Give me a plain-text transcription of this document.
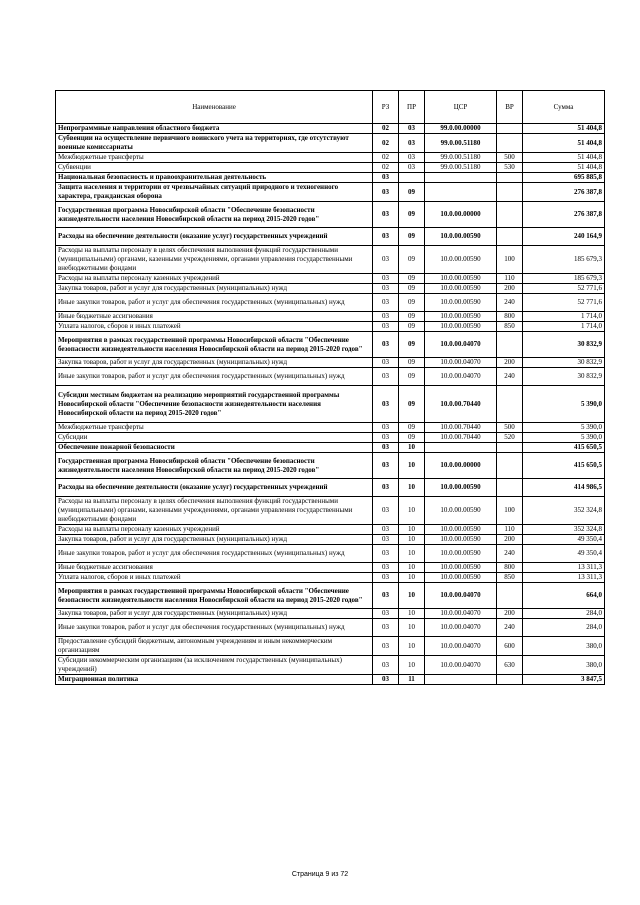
Наименование	РЗ	ПР	ЦСР	ВР	Сумма
Непрограммные направления областного бюджета	02	03	99.0.00.00000		51 404,8
Субвенции на осуществление первичного воинского учета на территориях, где отсутствуют военные комиссариаты	02	03	99.0.00.51180		51 404,8
Межбюджетные трансферты	02	03	99.0.00.51180	500	51 404,8
Субвенции	02	03	99.0.00.51180	530	51 404,8
Национальная безопасность и правоохранительная деятельность	03				695 885,8
Защита населения и территории от чрезвычайных ситуаций природного и техногенного характера, гражданская оборона	03	09			276 387,8
Государственная программа Новосибирской области "Обеспечение безопасности жизнедеятельности населения Новосибирской области на период 2015-2020 годов"	03	09	10.0.00.00000		276 387,8
Расходы на обеспечение деятельности (оказание услуг) государственных учреждений	03	09	10.0.00.00590		240 164,9
Расходы на выплаты персоналу в целях обеспечения выполнения функций государственными (муниципальными) органами, казенными учреждениями, органами управления государственными внебюджетными фондами	03	09	10.0.00.00590	100	185 679,3
Расходы на выплаты персоналу казенных учреждений	03	09	10.0.00.00590	110	185 679,3
Закупка товаров, работ и услуг для государственных (муниципальных) нужд	03	09	10.0.00.00590	200	52 771,6
Иные закупки товаров, работ и услуг для обеспечения государственных (муниципальных) нужд	03	09	10.0.00.00590	240	52 771,6
Иные бюджетные ассигнования	03	09	10.0.00.00590	800	1 714,0
Уплата налогов, сборов и иных платежей	03	09	10.0.00.00590	850	1 714,0
Мероприятия в рамках государственной программы Новосибирской области "Обеспечение безопасности жизнедеятельности населения Новосибирской области на период 2015-2020 годов"	03	09	10.0.00.04070		30 832,9
Закупка товаров, работ и услуг для государственных (муниципальных) нужд	03	09	10.0.00.04070	200	30 832,9
Иные закупки товаров, работ и услуг для обеспечения государственных (муниципальных) нужд	03	09	10.0.00.04070	240	30 832,9
Субсидии местным бюджетам на реализацию мероприятий государственной программы Новосибирской области "Обеспечение безопасности жизнедеятельности населения Новосибирской области на период 2015-2020 годов"	03	09	10.0.00.70440		5 390,0
Межбюджетные трансферты	03	09	10.0.00.70440	500	5 390,0
Субсидии	03	09	10.0.00.70440	520	5 390,0
Обеспечение пожарной безопасности	03	10			415 650,5
Государственная программа Новосибирской области "Обеспечение безопасности жизнедеятельности населения Новосибирской области на период 2015-2020 годов"	03	10	10.0.00.00000		415 650,5
Расходы на обеспечение деятельности (оказание услуг) государственных учреждений	03	10	10.0.00.00590		414 986,5
Расходы на выплаты персоналу в целях обеспечения выполнения функций государственными (муниципальными) органами, казенными учреждениями, органами управления государственными внебюджетными фондами	03	10	10.0.00.00590	100	352 324,8
Расходы на выплаты персоналу казенных учреждений	03	10	10.0.00.00590	110	352 324,8
Закупка товаров, работ и услуг для государственных (муниципальных) нужд	03	10	10.0.00.00590	200	49 350,4
Иные закупки товаров, работ и услуг для обеспечения государственных (муниципальных) нужд	03	10	10.0.00.00590	240	49 350,4
Иные бюджетные ассигнования	03	10	10.0.00.00590	800	13 311,3
Уплата налогов, сборов и иных платежей	03	10	10.0.00.00590	850	13 311,3
Мероприятия в рамках государственной программы Новосибирской области "Обеспечение безопасности жизнедеятельности населения Новосибирской области на период 2015-2020 годов"	03	10	10.0.00.04070		664,0
Закупка товаров, работ и услуг для государственных (муниципальных) нужд	03	10	10.0.00.04070	200	284,0
Иные закупки товаров, работ и услуг для обеспечения государственных (муниципальных) нужд	03	10	10.0.00.04070	240	284,0
Предоставление субсидий бюджетным, автономным учреждениям и иным некоммерческим организациям	03	10	10.0.00.04070	600	380,0
Субсидии некоммерческим организациям (за исключением государственных (муниципальных) учреждений)	03	10	10.0.00.04070	630	380,0
Миграционная политика	03	11			3 847,5
Страница 9 из 72
